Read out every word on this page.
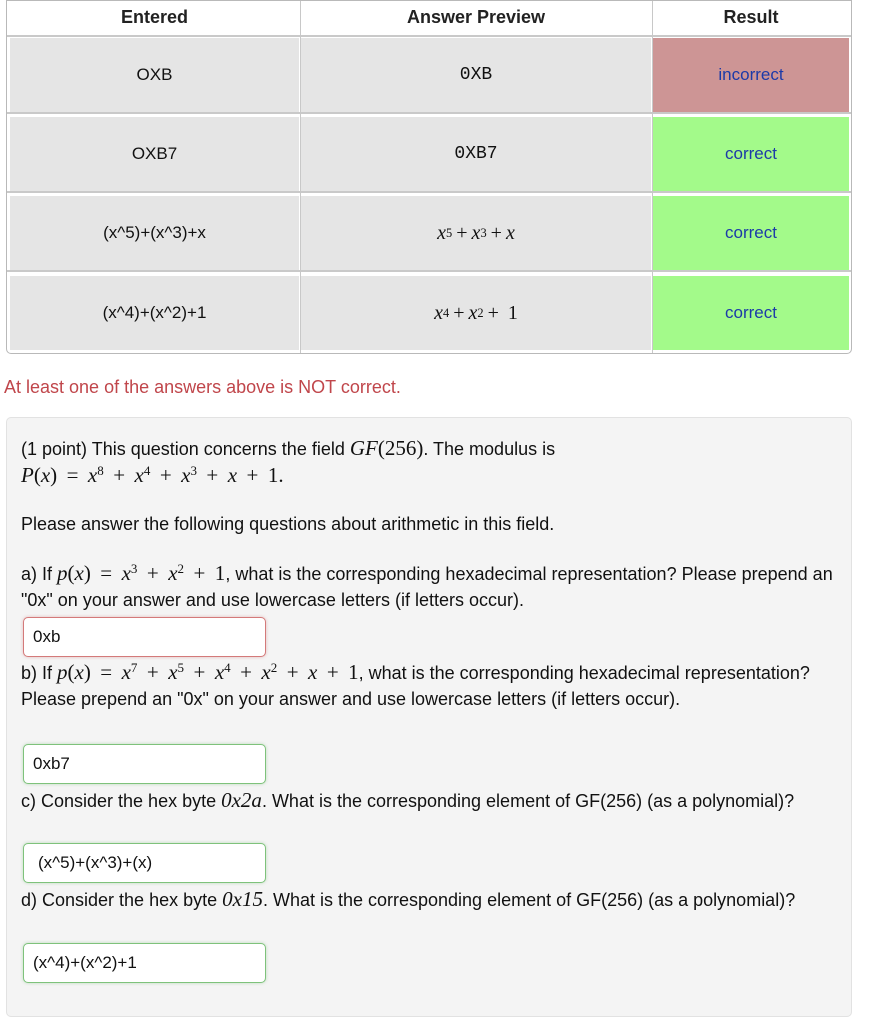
Entered	Answer Preview	Result
OXB	0XB	incorrect
OXB7	0XB7	correct
(x^5)+(x^3)+x	x 5  +  x 3  +  x	correct
(x^4)+(x^2)+1	x 4  +  x 2  +  1	correct
At least one of the answers above is NOT correct.
(1 point) This question concerns the field GF(256). The modulus is
$P(x) = x^8 + x^4 + x^3 + x + 1$.
Please answer the following questions about arithmetic in this field.
a) If $p(x) = x^3 + x^2 + 1$, what is the corresponding hexadecimal representation? Please prepend an "0x" on your answer and use lowercase letters (if letters occur).
0xb
b) If $p(x) = x^7 + x^5 + x^4 + x^2 + x + 1$, what is the corresponding hexadecimal representation? Please prepend an "0x" on your answer and use lowercase letters (if letters occur).
0xb7
c) Consider the hex byte 0x2a. What is the corresponding element of GF(256) (as a polynomial)?
(x^5)+(x^3)+(x)
d) Consider the hex byte 0x15. What is the corresponding element of GF(256) (as a polynomial)?
(x^4)+(x^2)+1
